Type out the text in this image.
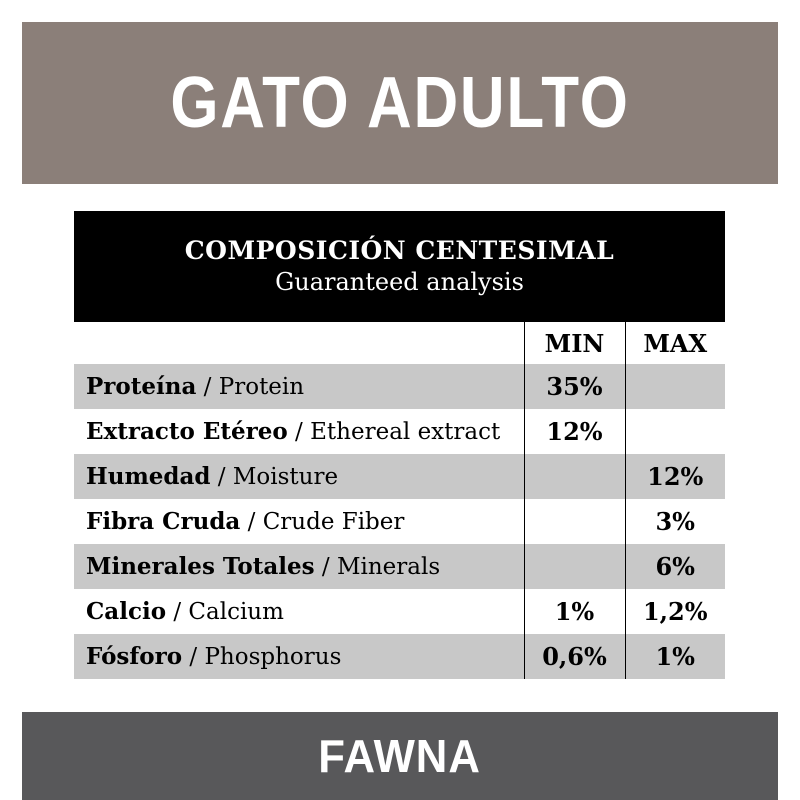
GATO ADULTO
COMPOSICIÓN CENTESIMAL
Guaranteed analysis
	MIN	MAX
Proteína / Protein	35%	
Extracto Etéreo / Ethereal extract	12%	
Humedad / Moisture		12%
Fibra Cruda / Crude Fiber		3%
Minerales Totales / Minerals		6%
Calcio / Calcium	1%	1,2%
Fósforo / Phosphorus	0,6%	1%
FAWNA
